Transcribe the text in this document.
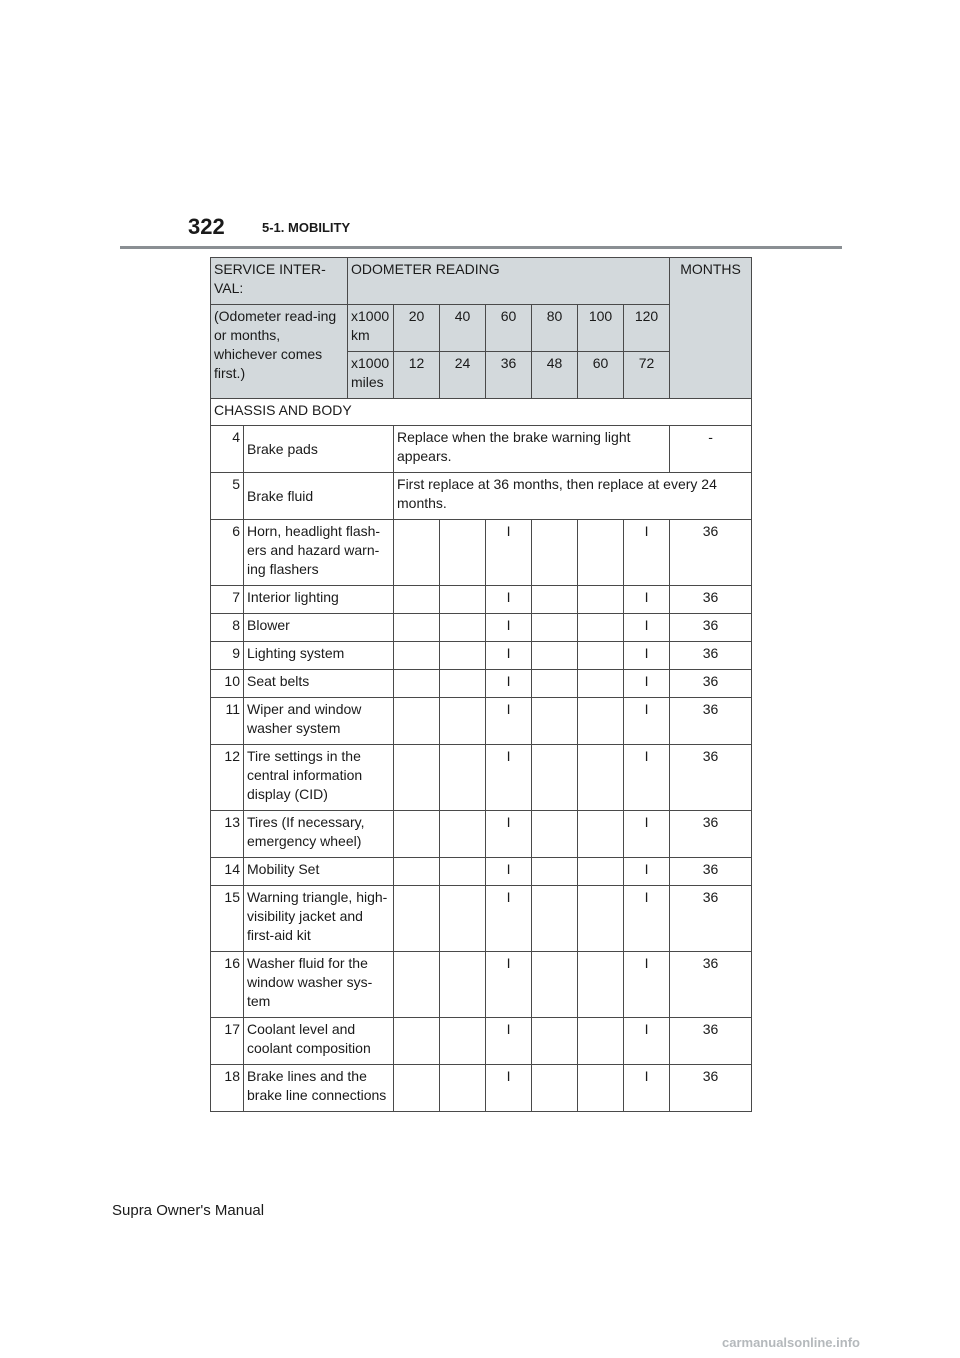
322	5-1. MOBILITY
SERVICE INTER-VAL:		ODOMETER READING							MONTHS
(Odometer read-ing or months, whichever comes first.)		x1000 km	20	40	60	80	100	120	
		x1000 miles	12	24	36	48	60	72	
CHASSIS AND BODY									
4	Brake pads		Replace when the brake warning light appears.						-
5	Brake fluid		First replace at 36 months, then replace at every 24 months.						
6	Horn, headlight flash-ers and hazard warn-ing flashers				I			I	36
7	Interior lighting				I			I	36
8	Blower				I			I	36
9	Lighting system				I			I	36
10	Seat belts				I			I	36
11	Wiper and window washer system				I			I	36
12	Tire settings in the central information display (CID)				I			I	36
13	Tires (If necessary, emergency wheel)				I			I	36
14	Mobility Set				I			I	36
15	Warning triangle, high-visibility jacket and first-aid kit				I			I	36
16	Washer fluid for the window washer sys-tem				I			I	36
17	Coolant level and coolant composition				I			I	36
18	Brake lines and the brake line connections				I			I	36
Supra Owner's Manual
carmanualsonline.info
